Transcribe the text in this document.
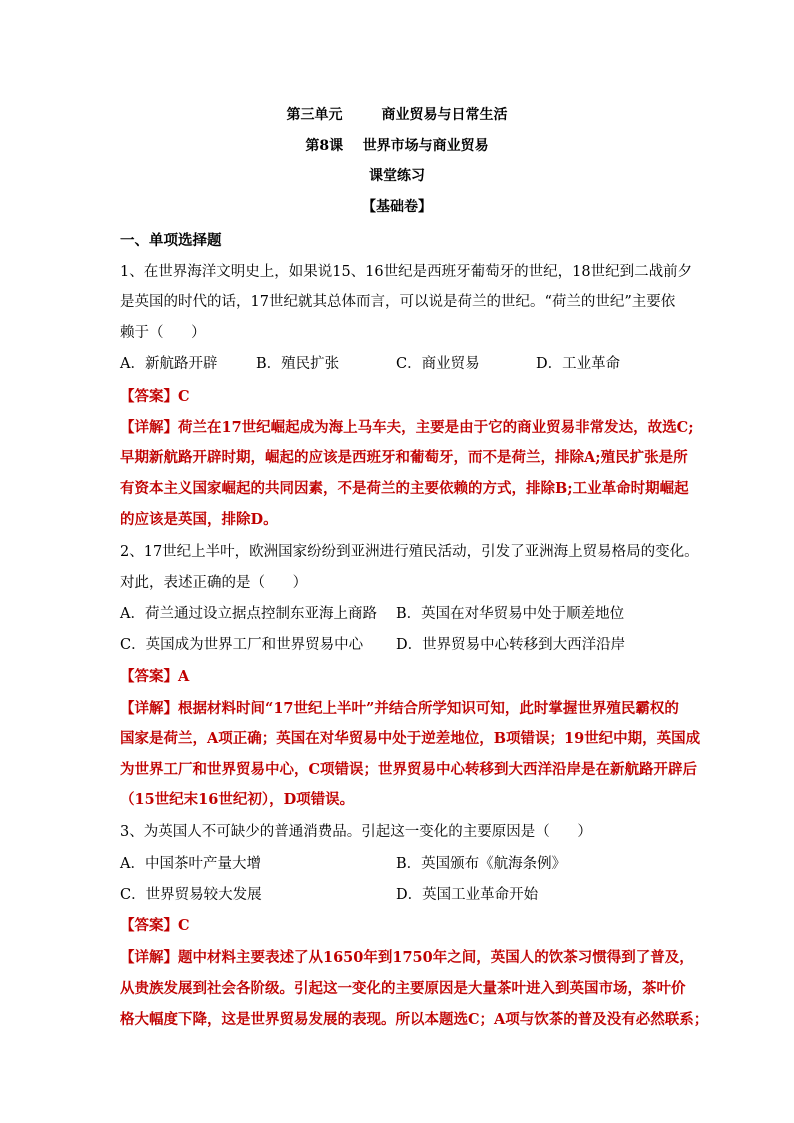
第三单元        商业贸易与日常生活
第8课    世界市场与商业贸易
课堂练习
【基础卷】
一、单项选择题
1、在世界海洋文明史上，如果说15、16世纪是西班牙葡萄牙的世纪，18世纪到二战前夕
是英国的时代的话，17世纪就其总体而言，可以说是荷兰的世纪。“荷兰的世纪”主要依
赖于（      ）
A．新航路开辟	B．殖民扩张	C．商业贸易	D．工业革命
【答案】C
【详解】荷兰在17世纪崛起成为海上马车夫，主要是由于它的商业贸易非常发达，故选C;
早期新航路开辟时期，崛起的应该是西班牙和葡萄牙，而不是荷兰，排除A;殖民扩张是所
有资本主义国家崛起的共同因素，不是荷兰的主要依赖的方式，排除B;工业革命时期崛起
的应该是英国，排除D。
2、17世纪上半叶，欧洲国家纷纷到亚洲进行殖民活动，引发了亚洲海上贸易格局的变化。
对此，表述正确的是（      ）
A．荷兰通过设立据点控制东亚海上商路 B．英国在对华贸易中处于顺差地位
C．英国成为世界工厂和世界贸易中心 D．世界贸易中心转移到大西洋沿岸
【答案】A
【详解】根据材料时间“17世纪上半叶”并结合所学知识可知，此时掌握世界殖民霸权的
国家是荷兰，A项正确；英国在对华贸易中处于逆差地位，B项错误；19世纪中期，英国成
为世界工厂和世界贸易中心，C项错误；世界贸易中心转移到大西洋沿岸是在新航路开辟后
（15世纪末16世纪初），D项错误。
3、为英国人不可缺少的普通消费品。引起这一变化的主要原因是（      ）
A．中国茶叶产量大增	B．英国颁布《航海条例》
C．世界贸易较大发展	D．英国工业革命开始
【答案】C
【详解】题中材料主要表述了从1650年到1750年之间，英国人的饮茶习惯得到了普及，
从贵族发展到社会各阶级。引起这一变化的主要原因是大量茶叶进入到英国市场，茶叶价
格大幅度下降，这是世界贸易发展的表现。所以本题选C；A项与饮茶的普及没有必然联系；
